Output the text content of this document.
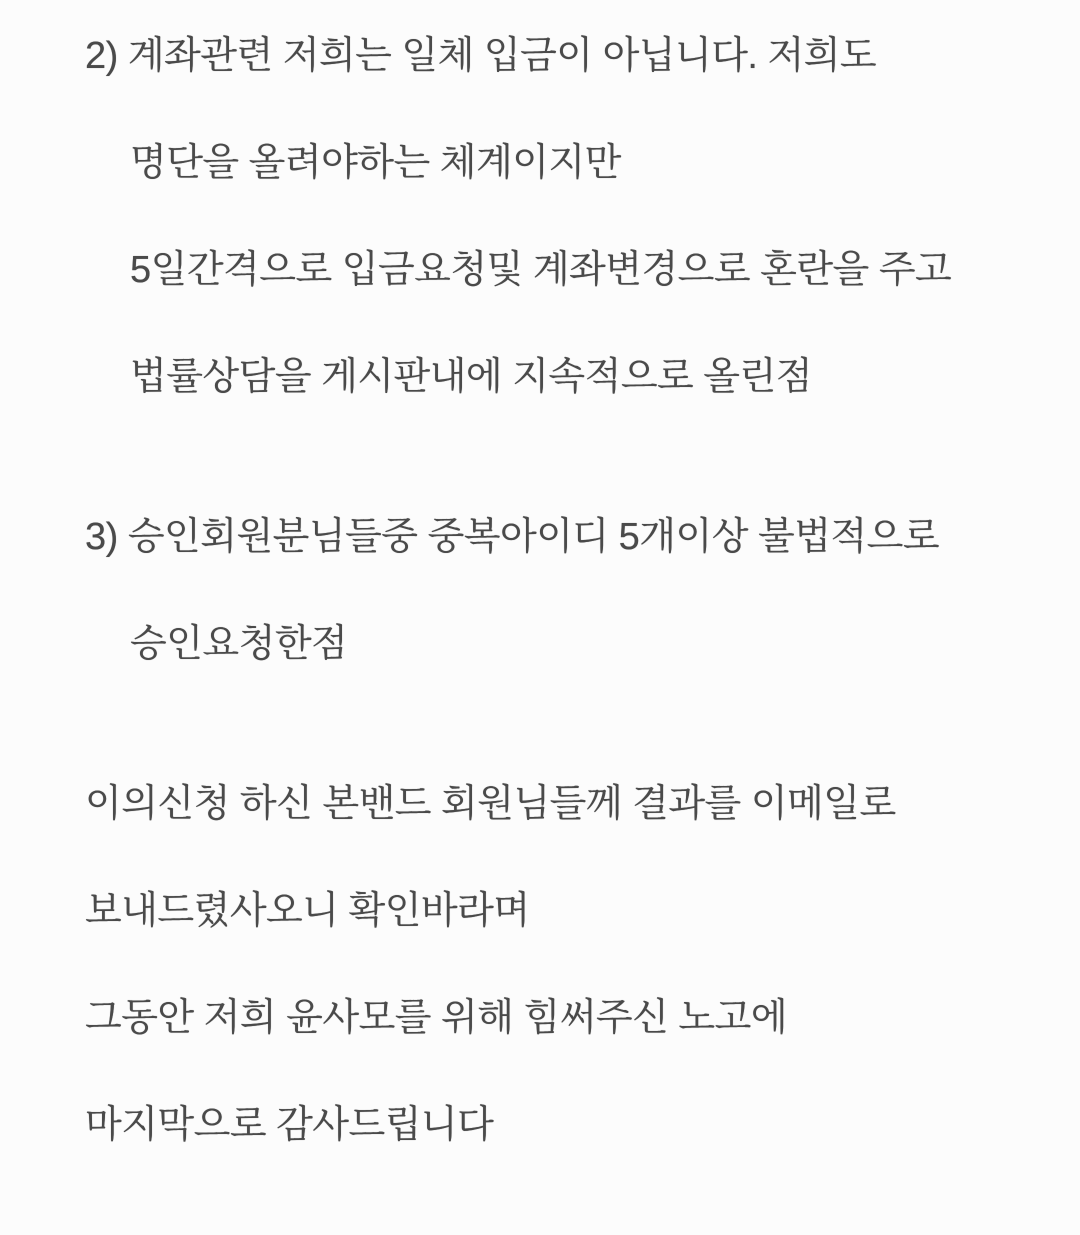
2) 계좌관련 저희는 일체 입금이 아닙니다. 저희도
명단을 올려야하는 체계이지만
5일간격으로 입금요청및 계좌변경으로 혼란을 주고
법률상담을 게시판내에 지속적으로 올린점
3) 승인회원분님들중 중복아이디 5개이상 불법적으로
승인요청한점
이의신청 하신 본밴드 회원님들께 결과를 이메일로
보내드렸사오니 확인바라며
그동안 저희 윤사모를 위해 힘써주신 노고에
마지막으로 감사드립니다
